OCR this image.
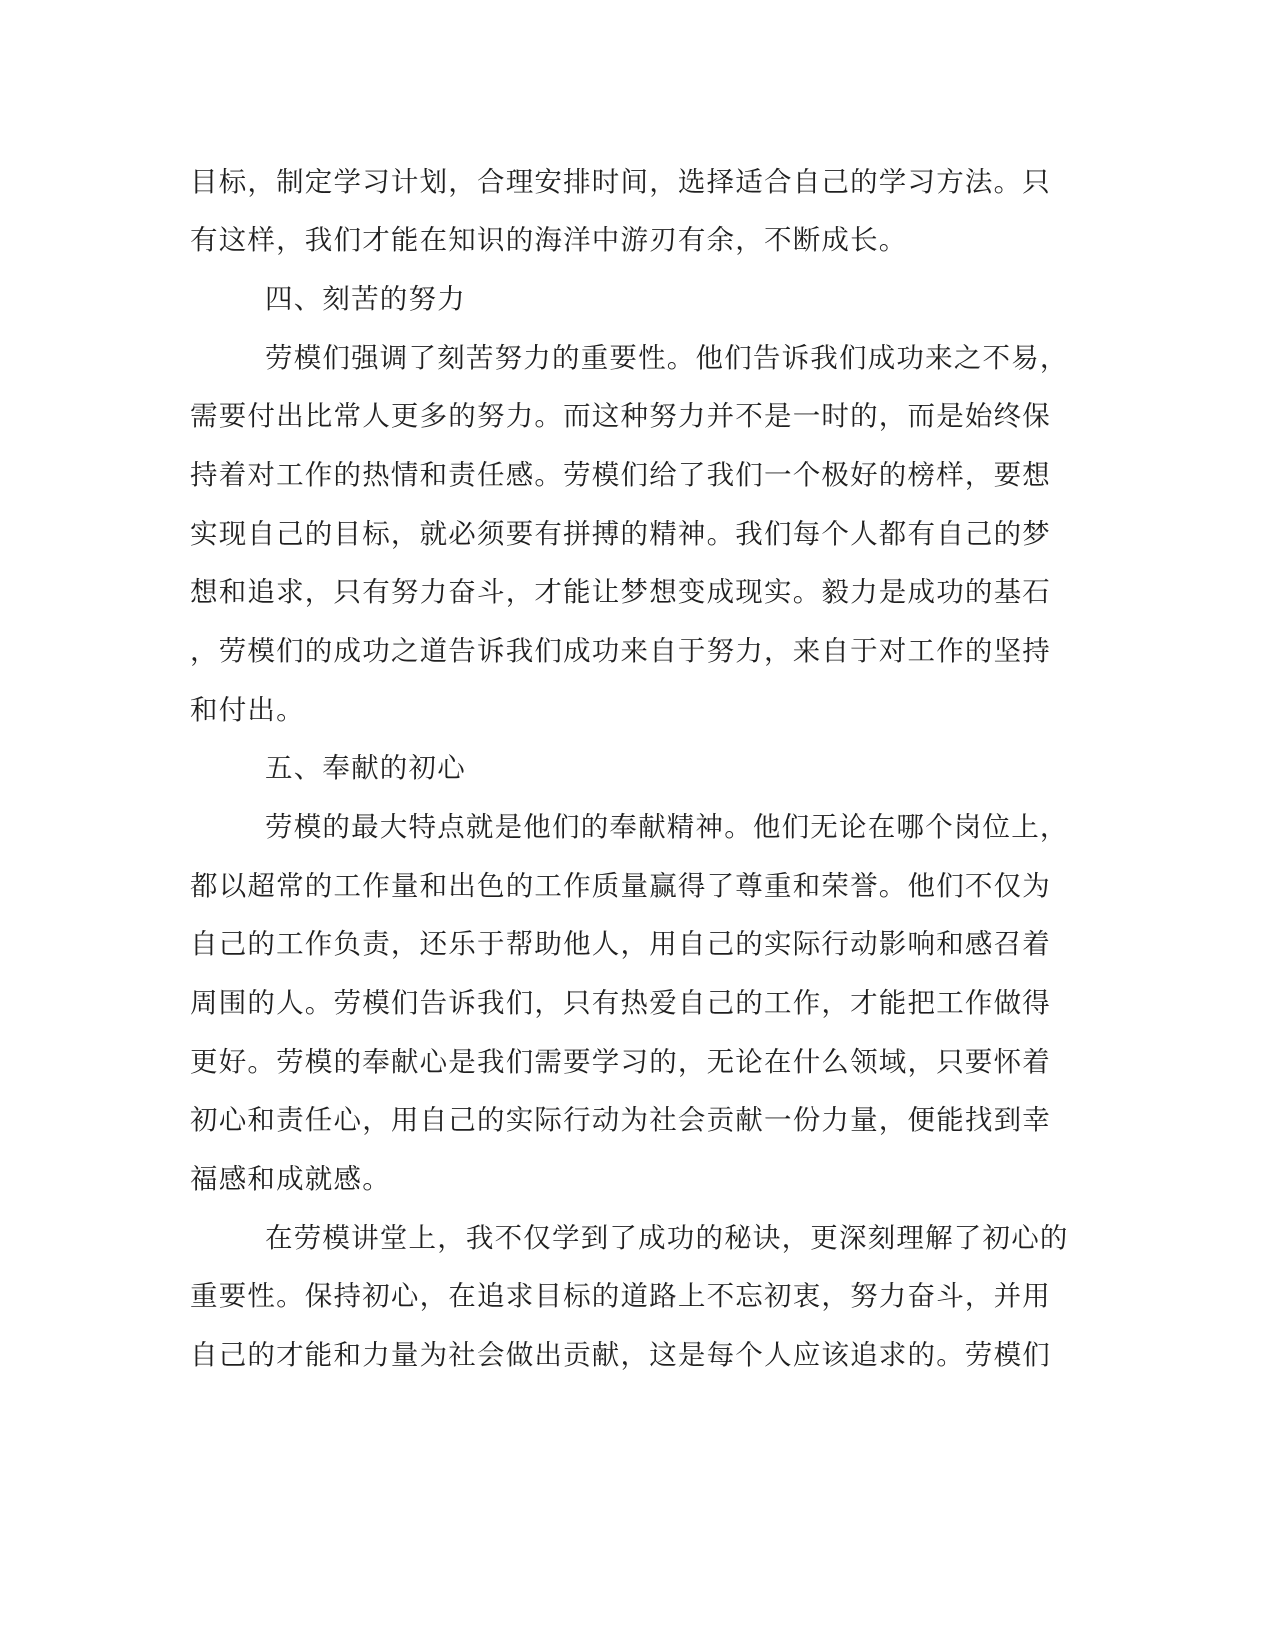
目标，制定学习计划，合理安排时间，选择适合自己的学习方法。只
有这样，我们才能在知识的海洋中游刃有余，不断成长。
四、刻苦的努力
劳模们强调了刻苦努力的重要性。他们告诉我们成功来之不易，
需要付出比常人更多的努力。而这种努力并不是一时的，而是始终保
持着对工作的热情和责任感。劳模们给了我们一个极好的榜样，要想
实现自己的目标，就必须要有拼搏的精神。我们每个人都有自己的梦
想和追求，只有努力奋斗，才能让梦想变成现实。毅力是成功的基石
，劳模们的成功之道告诉我们成功来自于努力，来自于对工作的坚持
和付出。
五、奉献的初心
劳模的最大特点就是他们的奉献精神。他们无论在哪个岗位上，
都以超常的工作量和出色的工作质量赢得了尊重和荣誉。他们不仅为
自己的工作负责，还乐于帮助他人，用自己的实际行动影响和感召着
周围的人。劳模们告诉我们，只有热爱自己的工作，才能把工作做得
更好。劳模的奉献心是我们需要学习的，无论在什么领域，只要怀着
初心和责任心，用自己的实际行动为社会贡献一份力量，便能找到幸
福感和成就感。
在劳模讲堂上，我不仅学到了成功的秘诀，更深刻理解了初心的
重要性。保持初心，在追求目标的道路上不忘初衷，努力奋斗，并用
自己的才能和力量为社会做出贡献，这是每个人应该追求的。劳模们
